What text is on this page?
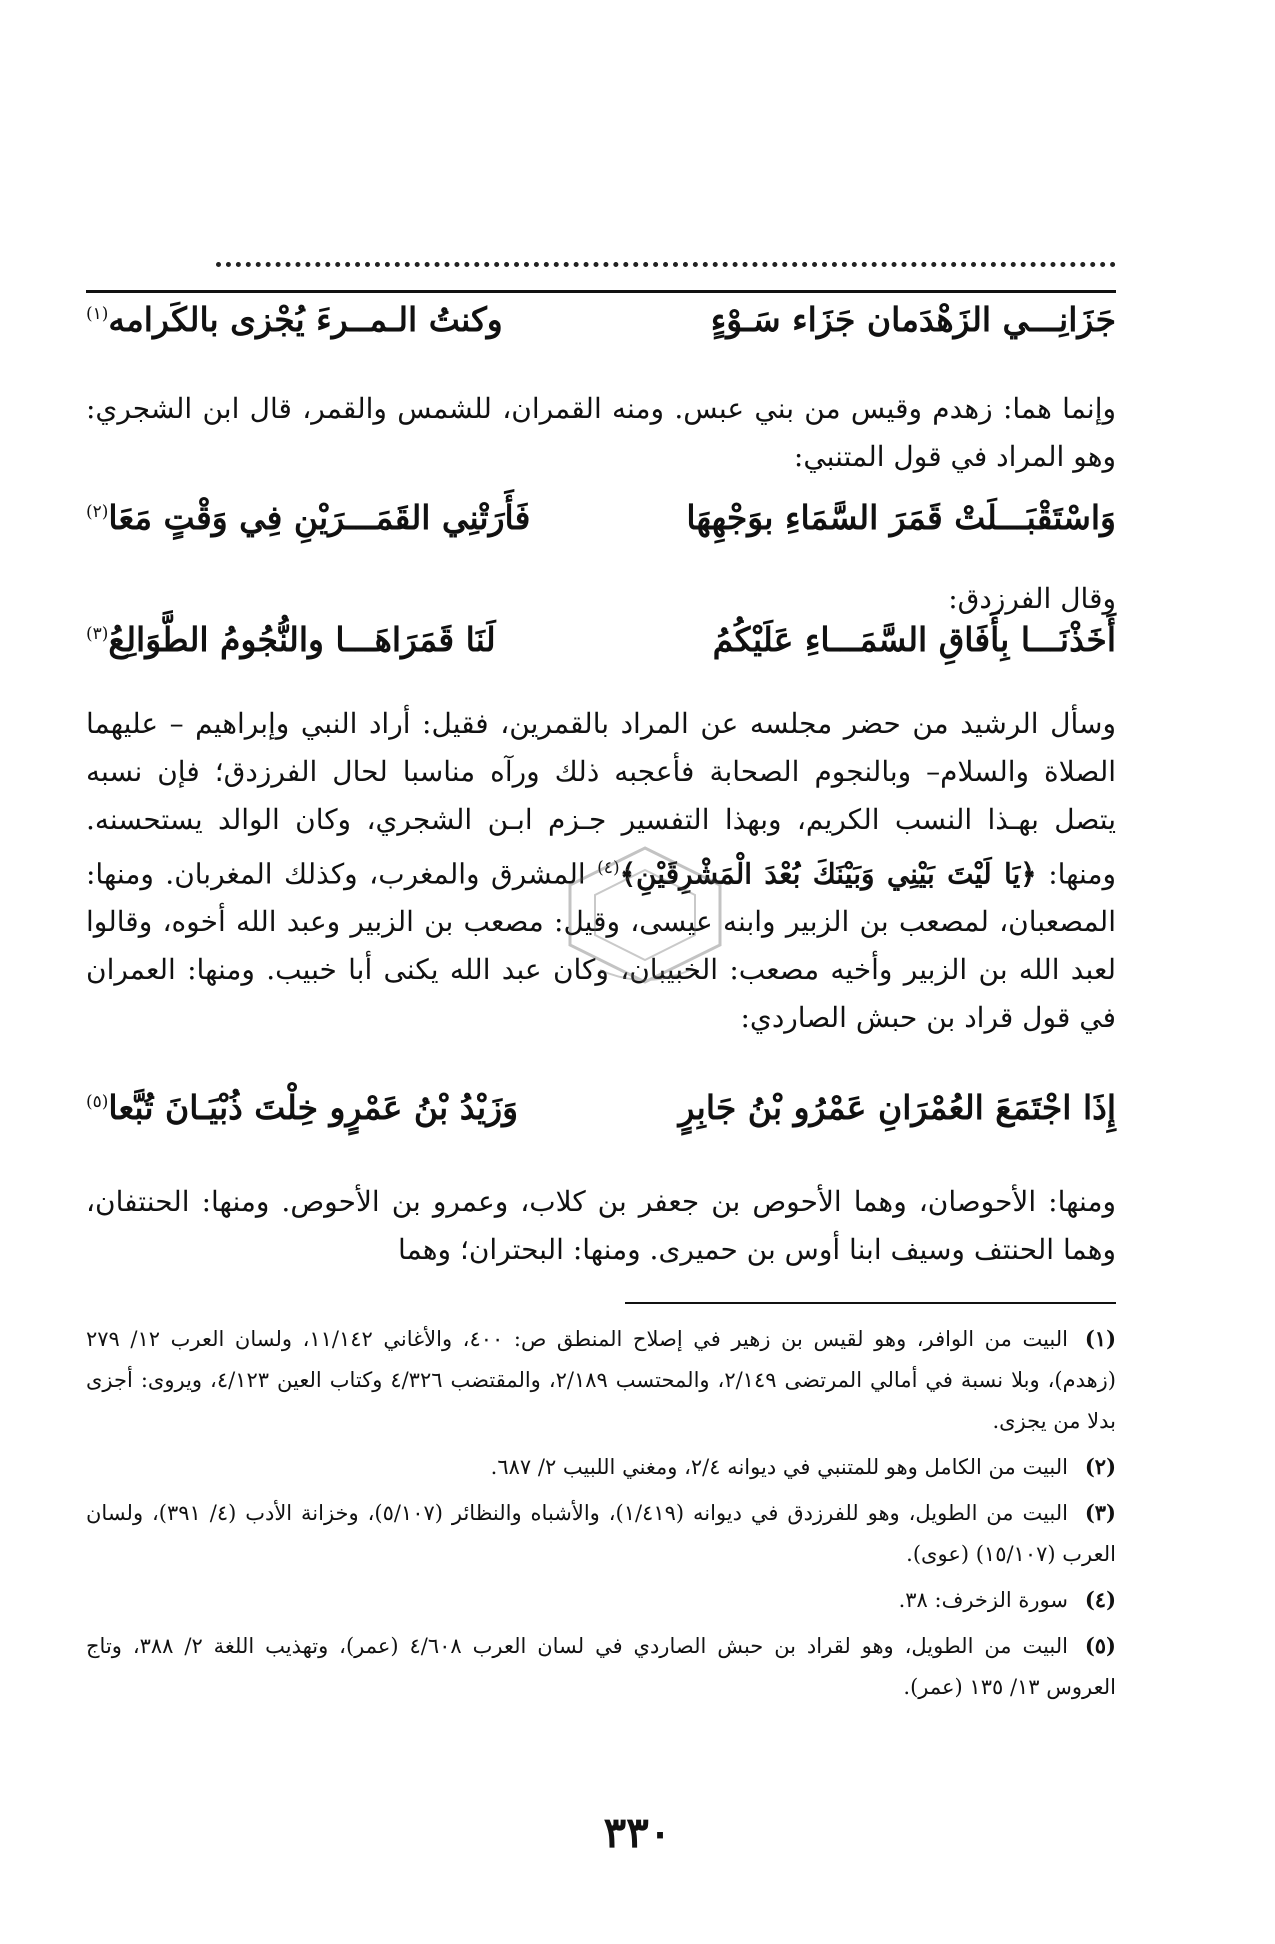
جَزَانِـــي الزَهْدَمان جَزَاء سَـوْءٍ
وكنتُ الـمــرءَ يُجْزى بالكَرامه$^{(١)}$
وإنما هما: زهدم وقيس من بني عبس. ومنه القمران، للشمس والقمر، قال ابن الشجري: وهو المراد في قول المتنبي:
وَاسْتَقْبَـــلَتْ قَمَرَ السَّمَاءِ بوَجْهِهَا
فَأَرَتْنِي القَمَـــرَيْنِ فِي وَقْتٍ مَعَا$^{(٢)}$
وقال الفرزدق:
أَخَذْنَـــا بِأَفَاقِ السَّمَـــاءِ عَلَيْكُمُ
لَنَا قَمَرَاهَـــا والنُّجُومُ الطَّوَالِعُ$^{(٣)}$
وسأل الرشيد من حضر مجلسه عن المراد بالقمرين، فقيل: أراد النبي وإبراهيم – عليهما الصلاة والسلام– وبالنجوم الصحابة فأعجبه ذلك ورآه مناسبا لحال الفرزدق؛ فإن نسبه يتصل بهـذا النسب الكريم، وبهذا التفسير جـزم ابـن الشجري، وكان الوالد يستحسنه. ومنها: ﴿يَا لَيْتَ بَيْنِي وَبَيْنَكَ بُعْدَ الْمَشْرِقَيْنِ﴾$^{(٤)}$ المشرق والمغرب، وكذلك المغربان. ومنها: المصعبان، لمصعب بن الزبير وابنه عيسى، وقيل: مصعب بن الزبير وعبد الله أخوه، وقالوا لعبد الله بن الزبير وأخيه مصعب: الخبيبان، وكان عبد الله يكنى أبا خبيب. ومنها: العمران في قول قراد بن حبش الصاردي:
إِذَا اجْتَمَعَ العُمْرَانِ عَمْرُو بْنُ جَابِرٍ
وَزَيْدُ بْنُ عَمْرٍو خِلْتَ ذُبْيَـانَ تُبَّعا$^{(٥)}$
ومنها: الأحوصان، وهما الأحوص بن جعفر بن كلاب، وعمرو بن الأحوص. ومنها: الحنتفان، وهما الحنتف وسيف ابنا أوس بن حميرى. ومنها: البحتران؛ وهما
(١)البيت من الوافر، وهو لقيس بن زهير في إصلاح المنطق ص: ٤٠٠، والأغاني ١١/١٤٢، ولسان العرب ١٢/ ٢٧٩ (زهدم)، وبلا نسبة في أمالي المرتضى ٢/١٤٩، والمحتسب ٢/١٨٩، والمقتضب ٤/٣٢٦ وكتاب العين ٤/١٢٣، ويروى: أجزى بدلا من يجزى.
(٢)البيت من الكامل وهو للمتنبي في ديوانه ٢/٤، ومغني اللبيب ٢/ ٦٨٧.
(٣)البيت من الطويل، وهو للفرزدق في ديوانه (١/٤١٩)، والأشباه والنظائر (٥/١٠٧)، وخزانة الأدب (٤/ ٣٩١)، ولسان العرب (١٥/١٠٧) (عوى).
(٤)سورة الزخرف: ٣٨.
(٥)البيت من الطويل، وهو لقراد بن حبش الصاردي في لسان العرب ٤/٦٠٨ (عمر)، وتهذيب اللغة ٢/ ٣٨٨، وتاج العروس ١٣/ ١٣٥ (عمر).
٣٣٠
